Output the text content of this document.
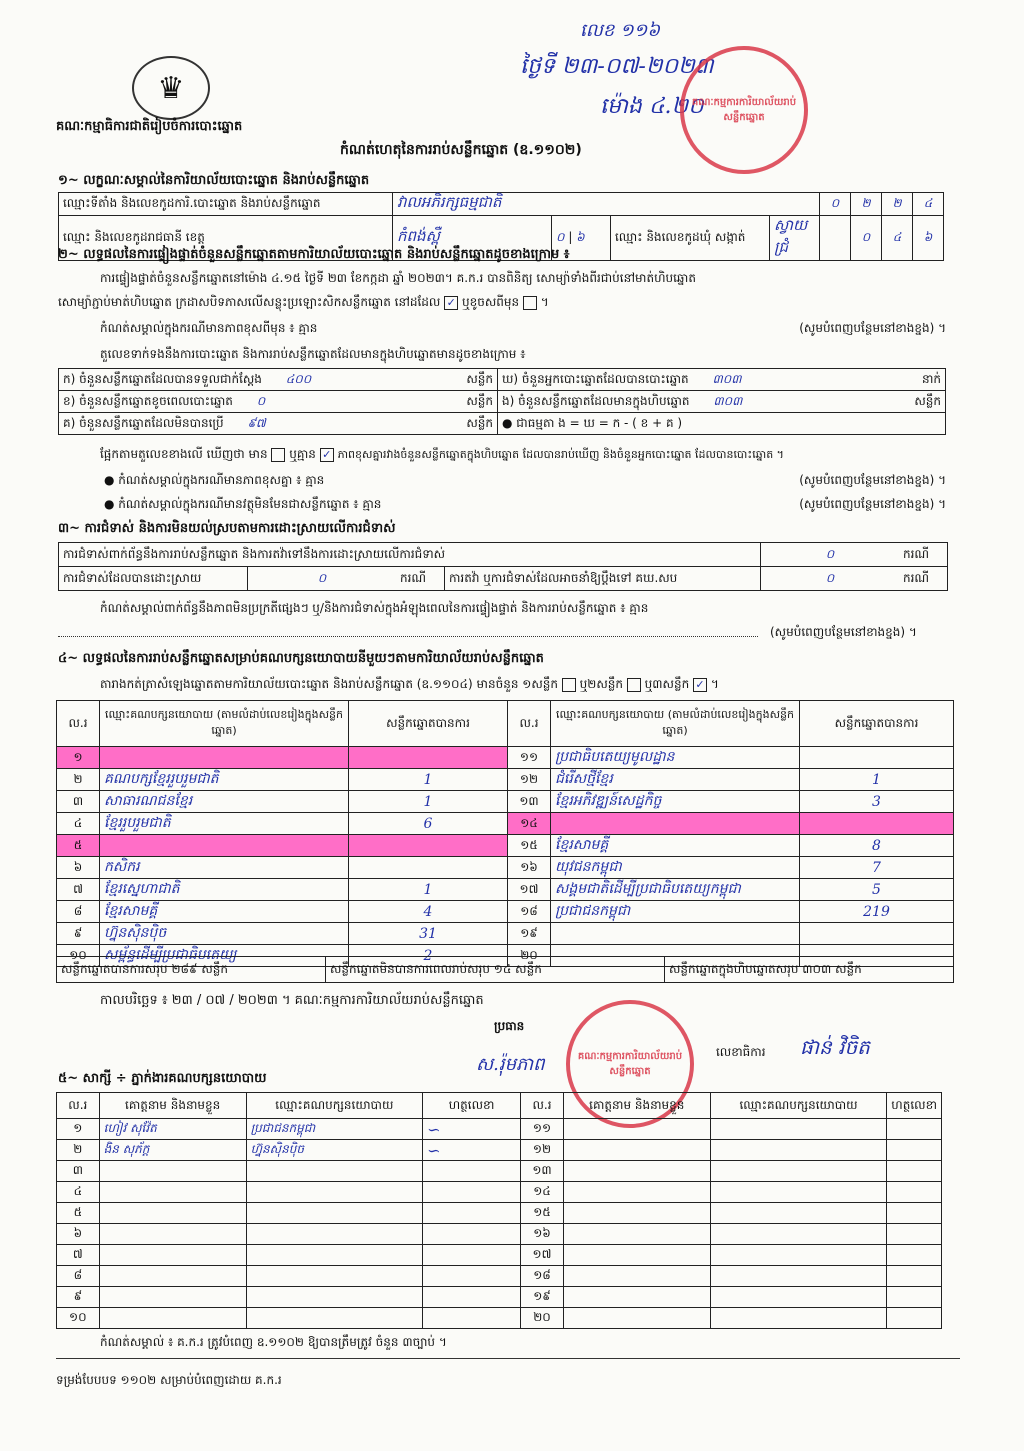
♛
គណៈកម្មាធិការជាតិរៀបចំការបោះឆ្នោត
កំណត់ហេតុនៃការរាប់សន្លឹកឆ្នោត (ឧ.១១០២)
លេខ ១១៦
ថ្ងៃទី ២៣-០៧-២០២៣
ម៉ោង ៤.២០
គណៈកម្មការការិយាល័យរាប់សន្លឹកឆ្នោត
១~ លក្ខណៈសម្គាល់នៃការិយាល័យបោះឆ្នោត និងរាប់សន្លឹកឆ្នោត
ឈ្មោះទីតាំង និងលេខកូដការិ.បោះឆ្នោត និងរាប់សន្លឹកឆ្នោត	វាលអភិរក្សធម្មជាតិ				០	២	២	៤
ឈ្មោះ និងលេខកូដរាជធានី ខេត្ត	កំពង់ស្ពឺ	០ | ៦	ឈ្មោះ និងលេខកូដឃុំ សង្កាត់	ស្វាយជ្រំ		០	៤	៦
២~ លទ្ធផលនៃការផ្ទៀងផ្ទាត់ចំនួនសន្លឹកឆ្នោតតាមការិយាល័យបោះឆ្នោត និងរាប់សន្លឹកឆ្នោតដូចខាងក្រោម ៖
ការផ្ទៀងផ្ទាត់ចំនួនសន្លឹកឆ្នោតនៅម៉ោង ៤.១៥ ថ្ងៃទី ២៣ ខែកក្កដា ឆ្នាំ ២០២៣។ គ.ក.រ បានពិនិត្យ សោម្យ៉ាទាំងពីរជាប់នៅមាត់ហិបឆ្នោត
សោម្យ៉ាភ្ជាប់មាត់ហិបឆ្នោត ក្រដាសបិទភាសលើសន្លុះប្រឡោះសិកសន្លឹកឆ្នោត នៅដដែល ✓ ឬខូចសពីមុន  ។
កំណត់សម្គាល់ក្នុងករណីមានភាពខុសពីមុន ៖ គ្មាន	(សូមបំពេញបន្ថែមនៅខាងខ្នង) ។
តួលេខទាក់ទងនឹងការបោះឆ្នោត និងការរាប់សន្លឹកឆ្នោតដែលមានក្នុងហិបឆ្នោតមានដូចខាងក្រោម ៖
ក) ចំនួនសន្លឹកឆ្នោតដែលបានទទួលជាក់ស្តែង ៤០០ សន្លឹក	ឃ) ចំនួនអ្នកបោះឆ្នោតដែលបានបោះឆ្នោត ៣០៣ នាក់

ខ) ចំនួនសន្លឹកឆ្នោតខូចពេលបោះឆ្នោត ០ សន្លឹក	ង) ចំនួនសន្លឹកឆ្នោតដែលមានក្នុងហិបឆ្នោត ៣០៣ សន្លឹក

គ) ចំនួនសន្លឹកឆ្នោតដែលមិនបានប្រើ ៩៧ សន្លឹក	● ជាធម្មតា ង = ឃ = ក - ( ខ + គ )
ផ្អែកតាមតួលេខខាងលើ ឃើញថា មាន ឬគ្មាន ✓ ភាពខុសគ្នារវាងចំនួនសន្លឹកឆ្នោតក្នុងហិបឆ្នោត ដែលបានរាប់ឃើញ និងចំនួនអ្នកបោះឆ្នោត ដែលបានបោះឆ្នោត ។
● កំណត់សម្គាល់ក្នុងករណីមានភាពខុសគ្នា ៖ គ្មាន	(សូមបំពេញបន្ថែមនៅខាងខ្នង) ។
● កំណត់សម្គាល់ក្នុងករណីមានវត្ថុមិនមែនជាសន្លឹកឆ្នោត ៖ គ្មាន	(សូមបំពេញបន្ថែមនៅខាងខ្នង) ។
៣~ ការជំទាស់ និងការមិនយល់ស្របតាមការដោះស្រាយលើការជំទាស់
ការជំទាស់ពាក់ព័ន្ធនឹងការរាប់សន្លឹកឆ្នោត និងការតវ៉ាទៅនឹងការដោះស្រាយលើការជំទាស់				០	ករណី
ការជំទាស់ដែលបានដោះស្រាយ	០	ករណី	ការតវ៉ា ឬការជំទាស់ដែលអាចនាំឱ្យប្តឹងទៅ គឃ.សប	០	ករណី
កំណត់សម្គាល់ពាក់ព័ន្ធនឹងភាពមិនប្រក្រតីផ្សេងៗ ឬ/និងការជំទាស់ក្នុងអំឡុងពេលនៃការផ្ទៀងផ្ទាត់ និងការរាប់សន្លឹកឆ្នោត ៖ គ្មាន
(សូមបំពេញបន្ថែមនៅខាងខ្នង) ។
៤~ លទ្ធផលនៃការរាប់សន្លឹកឆ្នោតសម្រាប់គណបក្សនយោបាយនីមួយៗតាមការិយាល័យរាប់សន្លឹកឆ្នោត
តារាងកត់ត្រាសំឡេងឆ្នោតតាមការិយាល័យបោះឆ្នោត និងរាប់សន្លឹកឆ្នោត (ឧ.១១០៤) មានចំនួន ១សន្លឹក ឬ២សន្លឹក ឬ៣សន្លឹក ✓ ។
ល.រ	ឈ្មោះគណបក្សនយោបាយ (តាមលំដាប់លេខរៀងក្នុងសន្លឹកឆ្នោត)	សន្លឹកឆ្នោតបានការ	ល.រ	ឈ្មោះគណបក្សនយោបាយ (តាមលំដាប់លេខរៀងក្នុងសន្លឹកឆ្នោត)	សន្លឹកឆ្នោតបានការ
១			១១	ប្រជាធិបតេយ្យមូលដ្ឋាន	
២	គណបក្សខ្មែររួបរួមជាតិ	1	១២	ជំរើសថ្មីខ្មែរ	1
៣	សាធារណជនខ្មែរ	1	១៣	ខ្មែរអភិវឌ្ឍន៍សេដ្ឋកិច្ច	3
៤	ខ្មែររួបរួមជាតិ	6	១៤		
៥			១៥	ខ្មែរសាមគ្គី	8
៦	កសិករ		១៦	យុវជនកម្ពុជា	7
៧	ខ្មែរស្នេហាជាតិ	1	១៧	សង្គមជាតិដើម្បីប្រជាធិបតេយ្យកម្ពុជា	5
៨	ខ្មែរសាមគ្គី	4	១៨	ប្រជាជនកម្ពុជា	219
៩	ហ្វ៊ុនស៊ិនប៉ិច	31	១៩		
១០	សម្ព័ន្ធដើម្បីប្រជាធិបតេយ្យ	2	២០		
សន្លឹកឆ្នោតបានការសរុប ២៨៩ សន្លឹក	សន្លឹកឆ្នោតមិនបានការពេលរាប់សរុប ១៤ សន្លឹក	សន្លឹកឆ្នោតក្នុងហិបឆ្នោតសរុប ៣០៣ សន្លឹក
កាលបរិច្ឆេទ ៖ ២៣ / ០៧ / ២០២៣ ។ គណៈកម្មការការិយាល័យរាប់សន្លឹកឆ្នោត
ប្រធាន
ស.រ៉ុមភាព	គណៈកម្មការការិយាល័យរាប់សន្លឹកឆ្នោត
លេខាធិការ ផាន់ វិចិត
៥~ សាក្សី ÷ ភ្នាក់ងារគណបក្សនយោបាយ
ល.រ	គោត្តនាម និងនាមខ្លួន	ឈ្មោះគណបក្សនយោបាយ	ហត្ថលេខា	ល.រ	គោត្តនាម និងនាមខ្លួន	ឈ្មោះគណបក្សនយោបាយ	ហត្ថលេខា
១	ហៀវ សុវ៉ែត	ប្រជាជនកម្ពុជា	∽	១១			
២	ងិន សុភ័ក្ត	ហ្វ៊ុនស៊ិនប៉ិច	∽	១២			
៣				១៣			
៤				១៤			
៥				១៥			
៦				១៦			
៧				១៧			
៨				១៨			
៩				១៩			
១០				២០			
កំណត់សម្គាល់ ៖ គ.ក.រ ត្រូវបំពេញ ឧ.១១០២ ឱ្យបានត្រឹមត្រូវ ចំនួន ៣ច្បាប់ ។
ទម្រង់បែបបទ ១១០២ សម្រាប់បំពេញដោយ គ.ក.រ
